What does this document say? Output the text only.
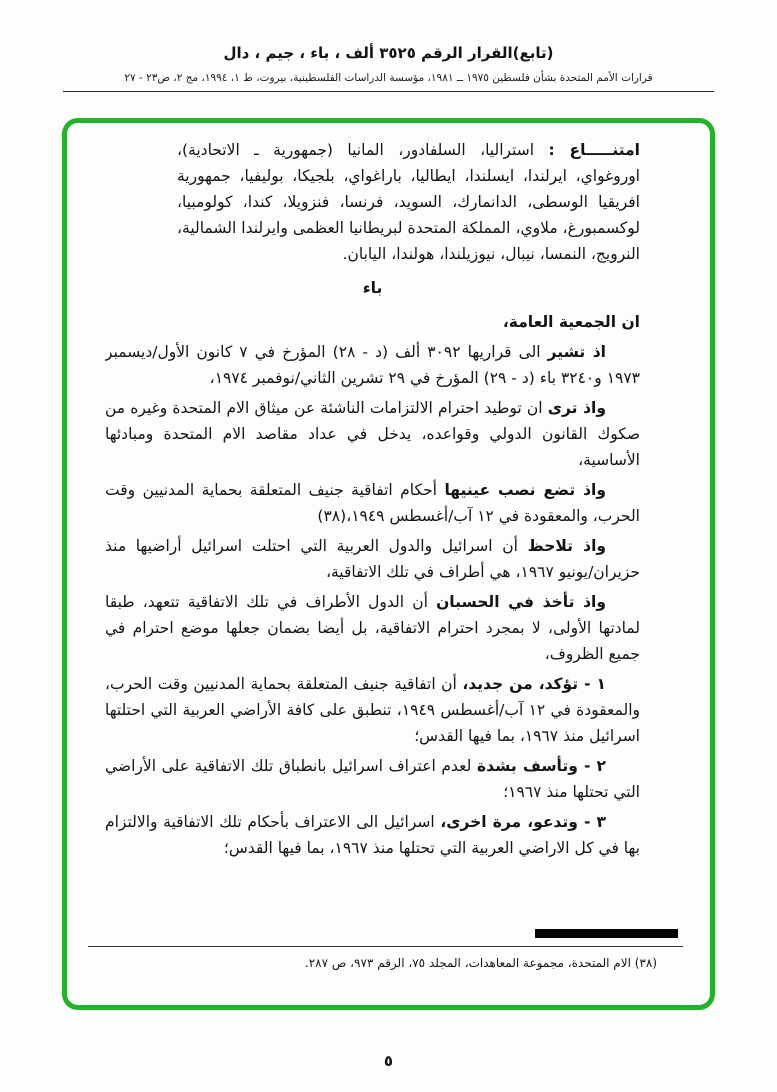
(تابع)القرار الرقم ٣٥٢٥ ألف ، باء ، جيم ، دال
قرارات الأمم المتحدة بشأن فلسطين ١٩٧٥ ــ ١٩٨١، مؤسسة الدراسات الفلسطينية، بيروت، ط ١، ١٩٩٤، مج ٢، ص٢٣ - ٢٧

امتنـــــاع : استراليا، السلفادور، المانيا (جمهورية ـ الاتحادية)، اوروغواي، ايرلندا، ايسلندا، ايطاليا، باراغواي، بلجيكا، بوليفيا، جمهورية افريقيا الوسطى، الدانمارك، السويد، فرنسا، فنزويلا، كندا، كولومبيا، لوكسمبورغ، ملاوي، المملكة المتحدة لبريطانيا العظمى وايرلندا الشمالية، النرويج، النمسا، نيبال، نيوزيلندا، هولندا، اليابان.

باء

ان الجمعية العامة،

اذ تشير الى قراريها ٣٠٩٢ ألف (د - ٢٨) المؤرخ في ٧ كانون الأول/ديسمبر ١٩٧٣ و٣٢٤٠ باء (د - ٢٩) المؤرخ في ٢٩ تشرين الثاني/نوفمبر ١٩٧٤،

واذ ترى ان توطيد احترام الالتزامات الناشئة عن ميثاق الام المتحدة وغيره من صكوك القانون الدولي وقواعده، يدخل في عداد مقاصد الام المتحدة ومبادئها الأساسية،

واذ تضع نصب عينيها أحكام اتفاقية جنيف المتعلقة بحماية المدنيين وقت الحرب، والمعقودة في ١٢ آب/أغسطس ١٩٤٩،(٣٨)

واذ تلاحظ أن اسرائيل والدول العربية التي احتلت اسرائيل أراضيها منذ حزيران/يونيو ١٩٦٧، هي أطراف في تلك الاتفاقية،

واذ تأخذ في الحسبان أن الدول الأطراف في تلك الاتفاقية تتعهد، طبقا لمادتها الأولى، لا بمجرد احترام الاتفاقية، بل أيضا بضمان جعلها موضع احترام في جميع الظروف،

١ - تؤكد، من جديد، أن اتفاقية جنيف المتعلقة بحماية المدنيين وقت الحرب، والمعقودة في ١٢ آب/أغسطس ١٩٤٩، تنطبق على كافة الأراضي العربية التي احتلتها اسرائيل منذ ١٩٦٧، بما فيها القدس؛

٢ - وتأسف بشدة لعدم اعتراف اسرائيل بانطباق تلك الاتفاقية على الأراضي التي تحتلها منذ ١٩٦٧؛

٣ - وتدعو، مرة اخرى، اسرائيل الى الاعتراف بأحكام تلك الاتفاقية والالتزام بها في كل الاراضي العربية التي تحتلها منذ ١٩٦٧، بما فيها القدس؛

(٣٨) الام المتحدة، مجموعة المعاهدات، المجلد ٧٥، الرقم ٩٧٣، ص ٢٨٧.
٥
